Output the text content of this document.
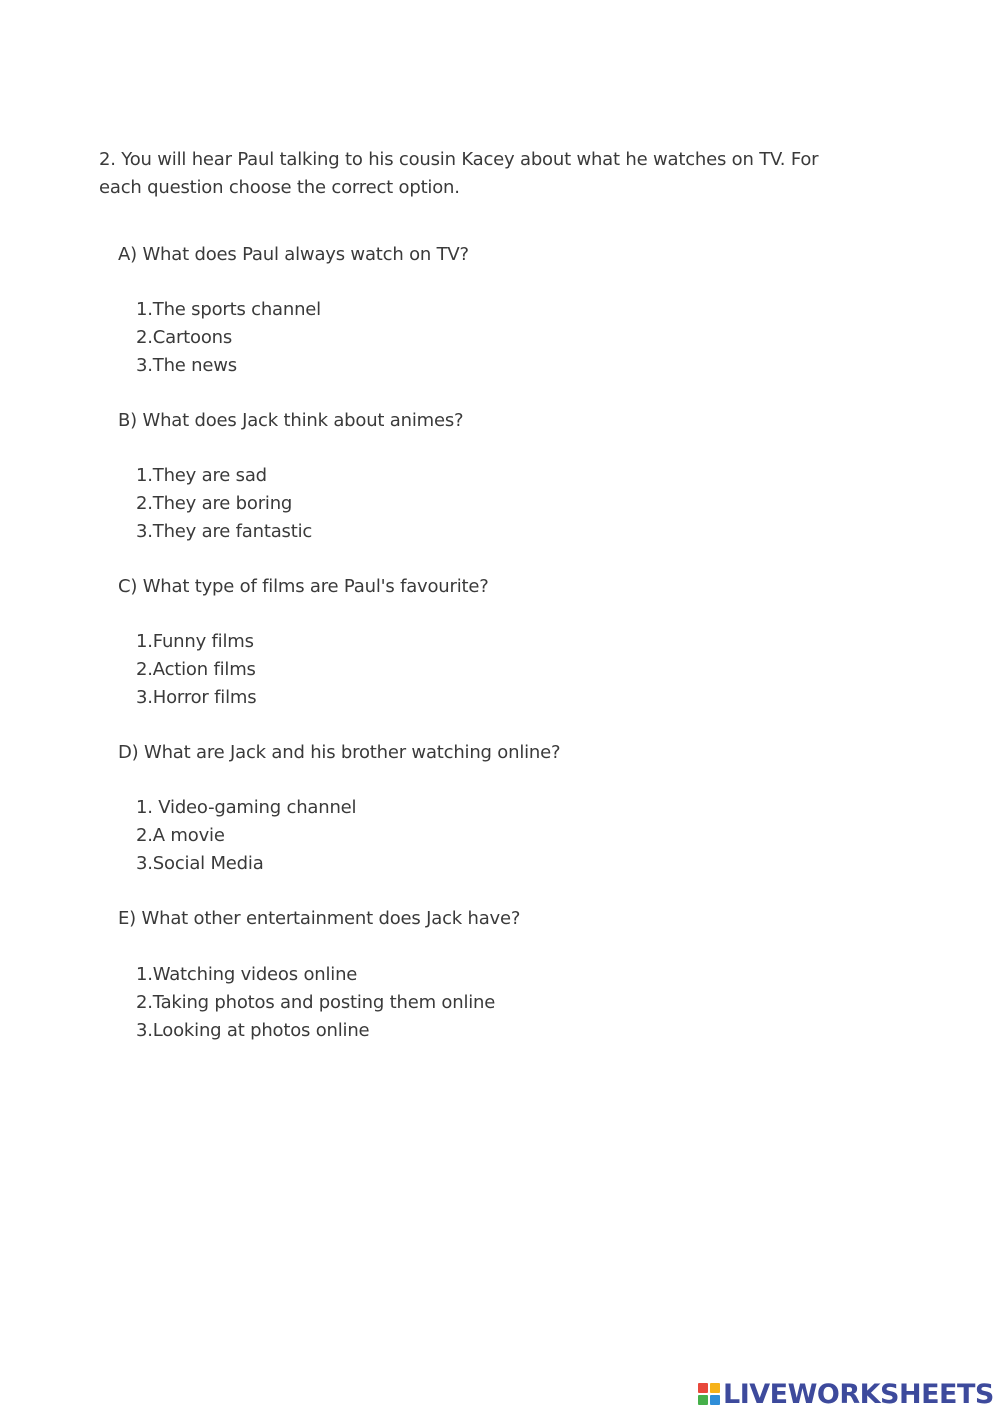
2. You will hear Paul talking to his cousin Kacey about what he watches on TV. For each question choose the correct option.
A) What does Paul always watch on TV?
1.The sports channel
2.Cartoons
3.The news
B) What does Jack think about animes?
1.They are sad
2.They are boring
3.They are fantastic
C) What type of films are Paul's favourite?
1.Funny films
2.Action films
3.Horror films
D) What are Jack and his brother watching online?
1. Video-gaming channel
2.A movie
3.Social Media
E) What other entertainment does Jack have?
1.Watching videos online
2.Taking photos and posting them online
3.Looking at photos online
LIVEWORKSHEETS
